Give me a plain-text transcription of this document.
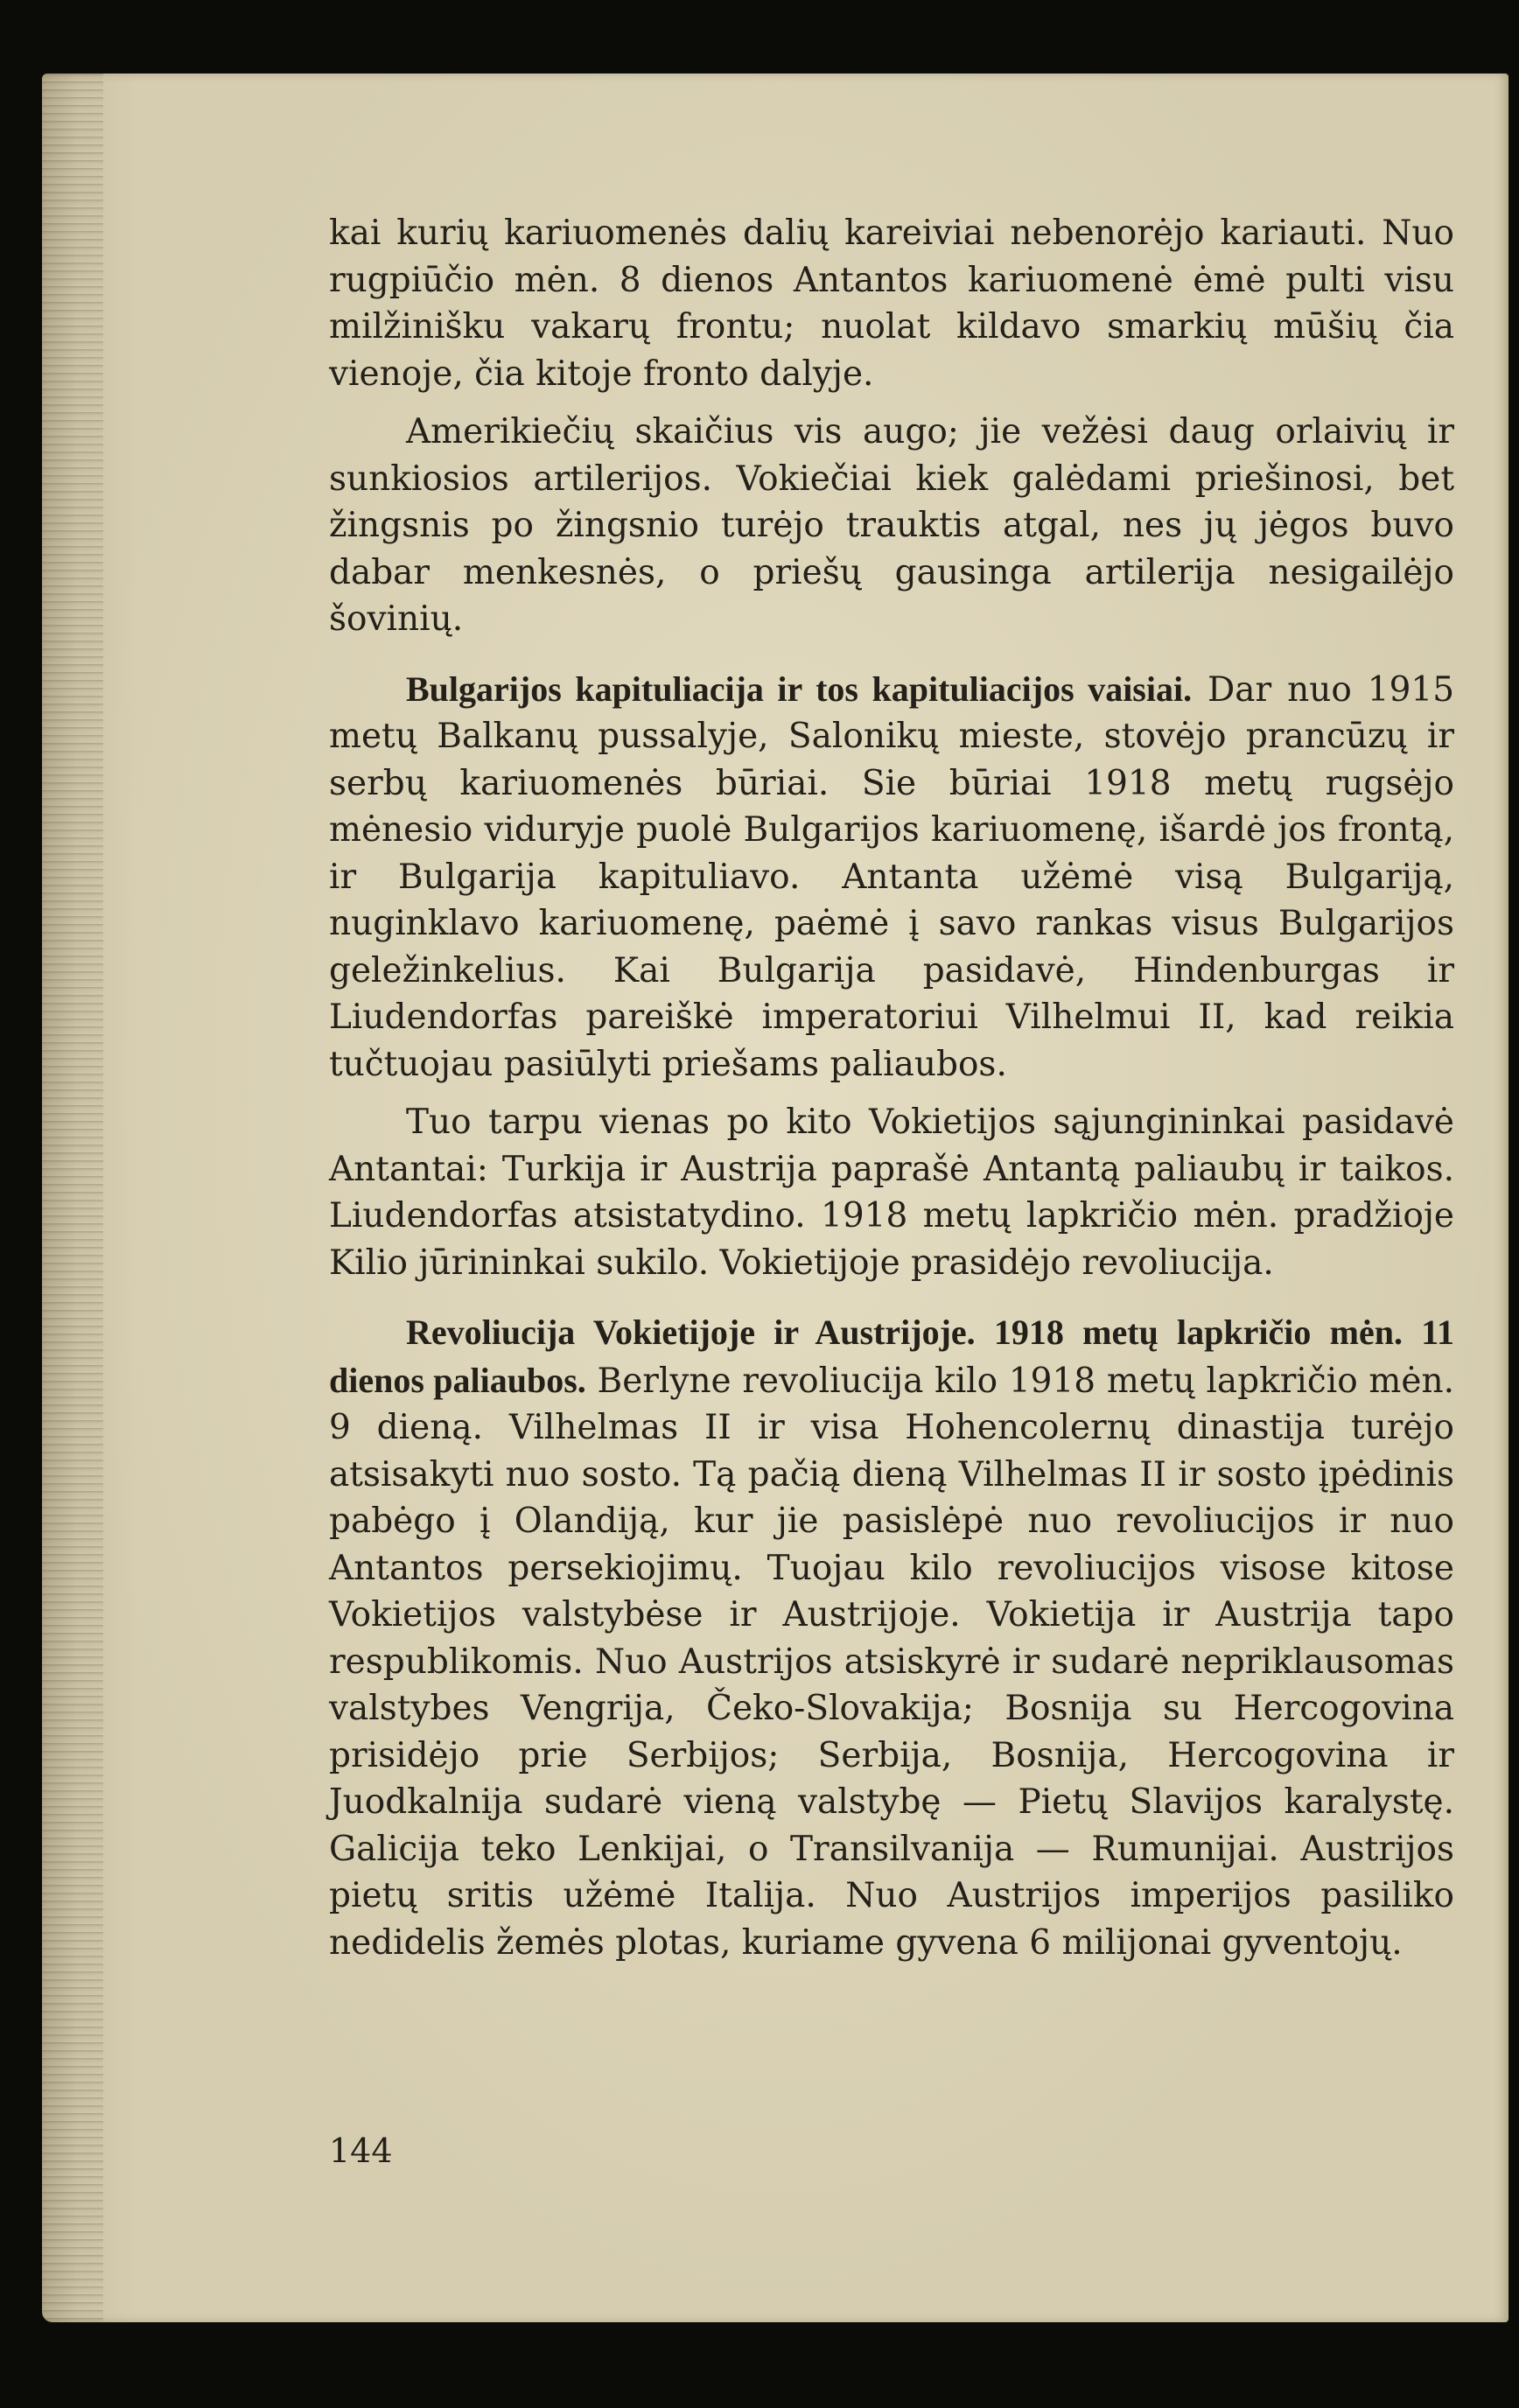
kai kurių kariuomenės dalių kareiviai nebenorėjo kariauti. Nuo rugpiūčio mėn. 8 dienos Antantos kariuomenė ėmė pulti visu milžinišku vakarų frontu; nuolat kildavo smarkių mūšių čia vienoje, čia kitoje fronto dalyje.

Amerikiečių skaičius vis augo; jie vežėsi daug orlaivių ir sunkiosios artilerijos. Vokiečiai kiek galėdami priešinosi, bet žingsnis po žingsnio turėjo trauktis atgal, nes jų jėgos buvo dabar menkesnės, o priešų gausinga artilerija nesigailėjo šovinių.

Bulgarijos kapituliacija ir tos kapituliacijos vaisiai. Dar nuo 1915 metų Balkanų pussalyje, Salonikų mieste, stovėjo prancūzų ir serbų kariuomenės būriai. Sie būriai 1918 metų rugsėjo mėnesio viduryje puolė Bulgarijos kariuomenę, išardė jos frontą, ir Bulgarija kapituliavo. Antanta užėmė visą Bulgariją, nuginklavo kariuomenę, paėmė į savo rankas visus Bulgarijos geležinkelius. Kai Bulgarija pasidavė, Hindenburgas ir Liudendorfas pareiškė imperatoriui Vilhelmui II, kad reikia tučtuojau pasiūlyti priešams paliaubos.

Tuo tarpu vienas po kito Vokietijos sąjungininkai pasidavė Antantai: Turkija ir Austrija paprašė Antantą paliaubų ir taikos. Liudendorfas atsistatydino. 1918 metų lapkričio mėn. pradžioje Kilio jūrininkai sukilo. Vokietijoje prasidėjo revoliucija.

Revoliucija Vokietijoje ir Austrijoje. 1918 metų lapkričio mėn. 11 dienos paliaubos. Berlyne revoliucija kilo 1918 metų lapkričio mėn. 9 dieną. Vilhelmas II ir visa Hohencolernų dinastija turėjo atsisakyti nuo sosto. Tą pačią dieną Vilhelmas II ir sosto įpėdinis pabėgo į Olandiją, kur jie pasislėpė nuo revoliucijos ir nuo Antantos persekiojimų. Tuojau kilo revoliucijos visose kitose Vokietijos valstybėse ir Austrijoje. Vokietija ir Austrija tapo respublikomis. Nuo Austrijos atsiskyrė ir sudarė nepriklausomas valstybes Vengrija, Čeko-Slovakija; Bosnija su Hercogovina prisidėjo prie Serbijos; Serbija, Bosnija, Hercogovina ir Juodkalnija sudarė vieną valstybę — Pietų Slavijos karalystę. Galicija teko Lenkijai, o Transilvanija — Rumunijai. Austrijos pietų sritis užėmė Italija. Nuo Austrijos imperijos pasiliko nedidelis žemės plotas, kuriame gyvena 6 milijonai gyventojų.

144
